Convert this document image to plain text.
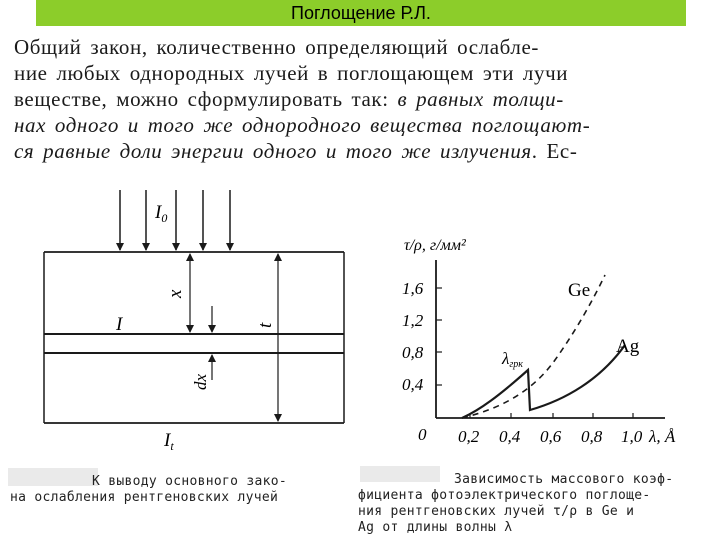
Поглощение Р.Л.
Общий закон, количественно определяющий ослабле-
ние любых однородных лучей в поглощающем эти лучи
веществе, можно сформулировать так: в равных толщи-
нах одного и того же однородного вещества поглощают-
ся равные доли энергии одного и того же излучения. Ес-
$I_0$
x
I	t
dx
$I_t$
τ/ρ, г/мм²
1,6
1,2
0,8
0,4
0 0,2 0,4 0,6 0,8 1,0 λ, Å
Ge
Ag
λгрк
К выводу основного зако-
на ослабления рентгеновских лучей
Зависимость массового коэф-
фициента фотоэлектрического поглоще-
ния рентгеновских лучей τ/ρ в Ge и
Ag от длины волны λ
